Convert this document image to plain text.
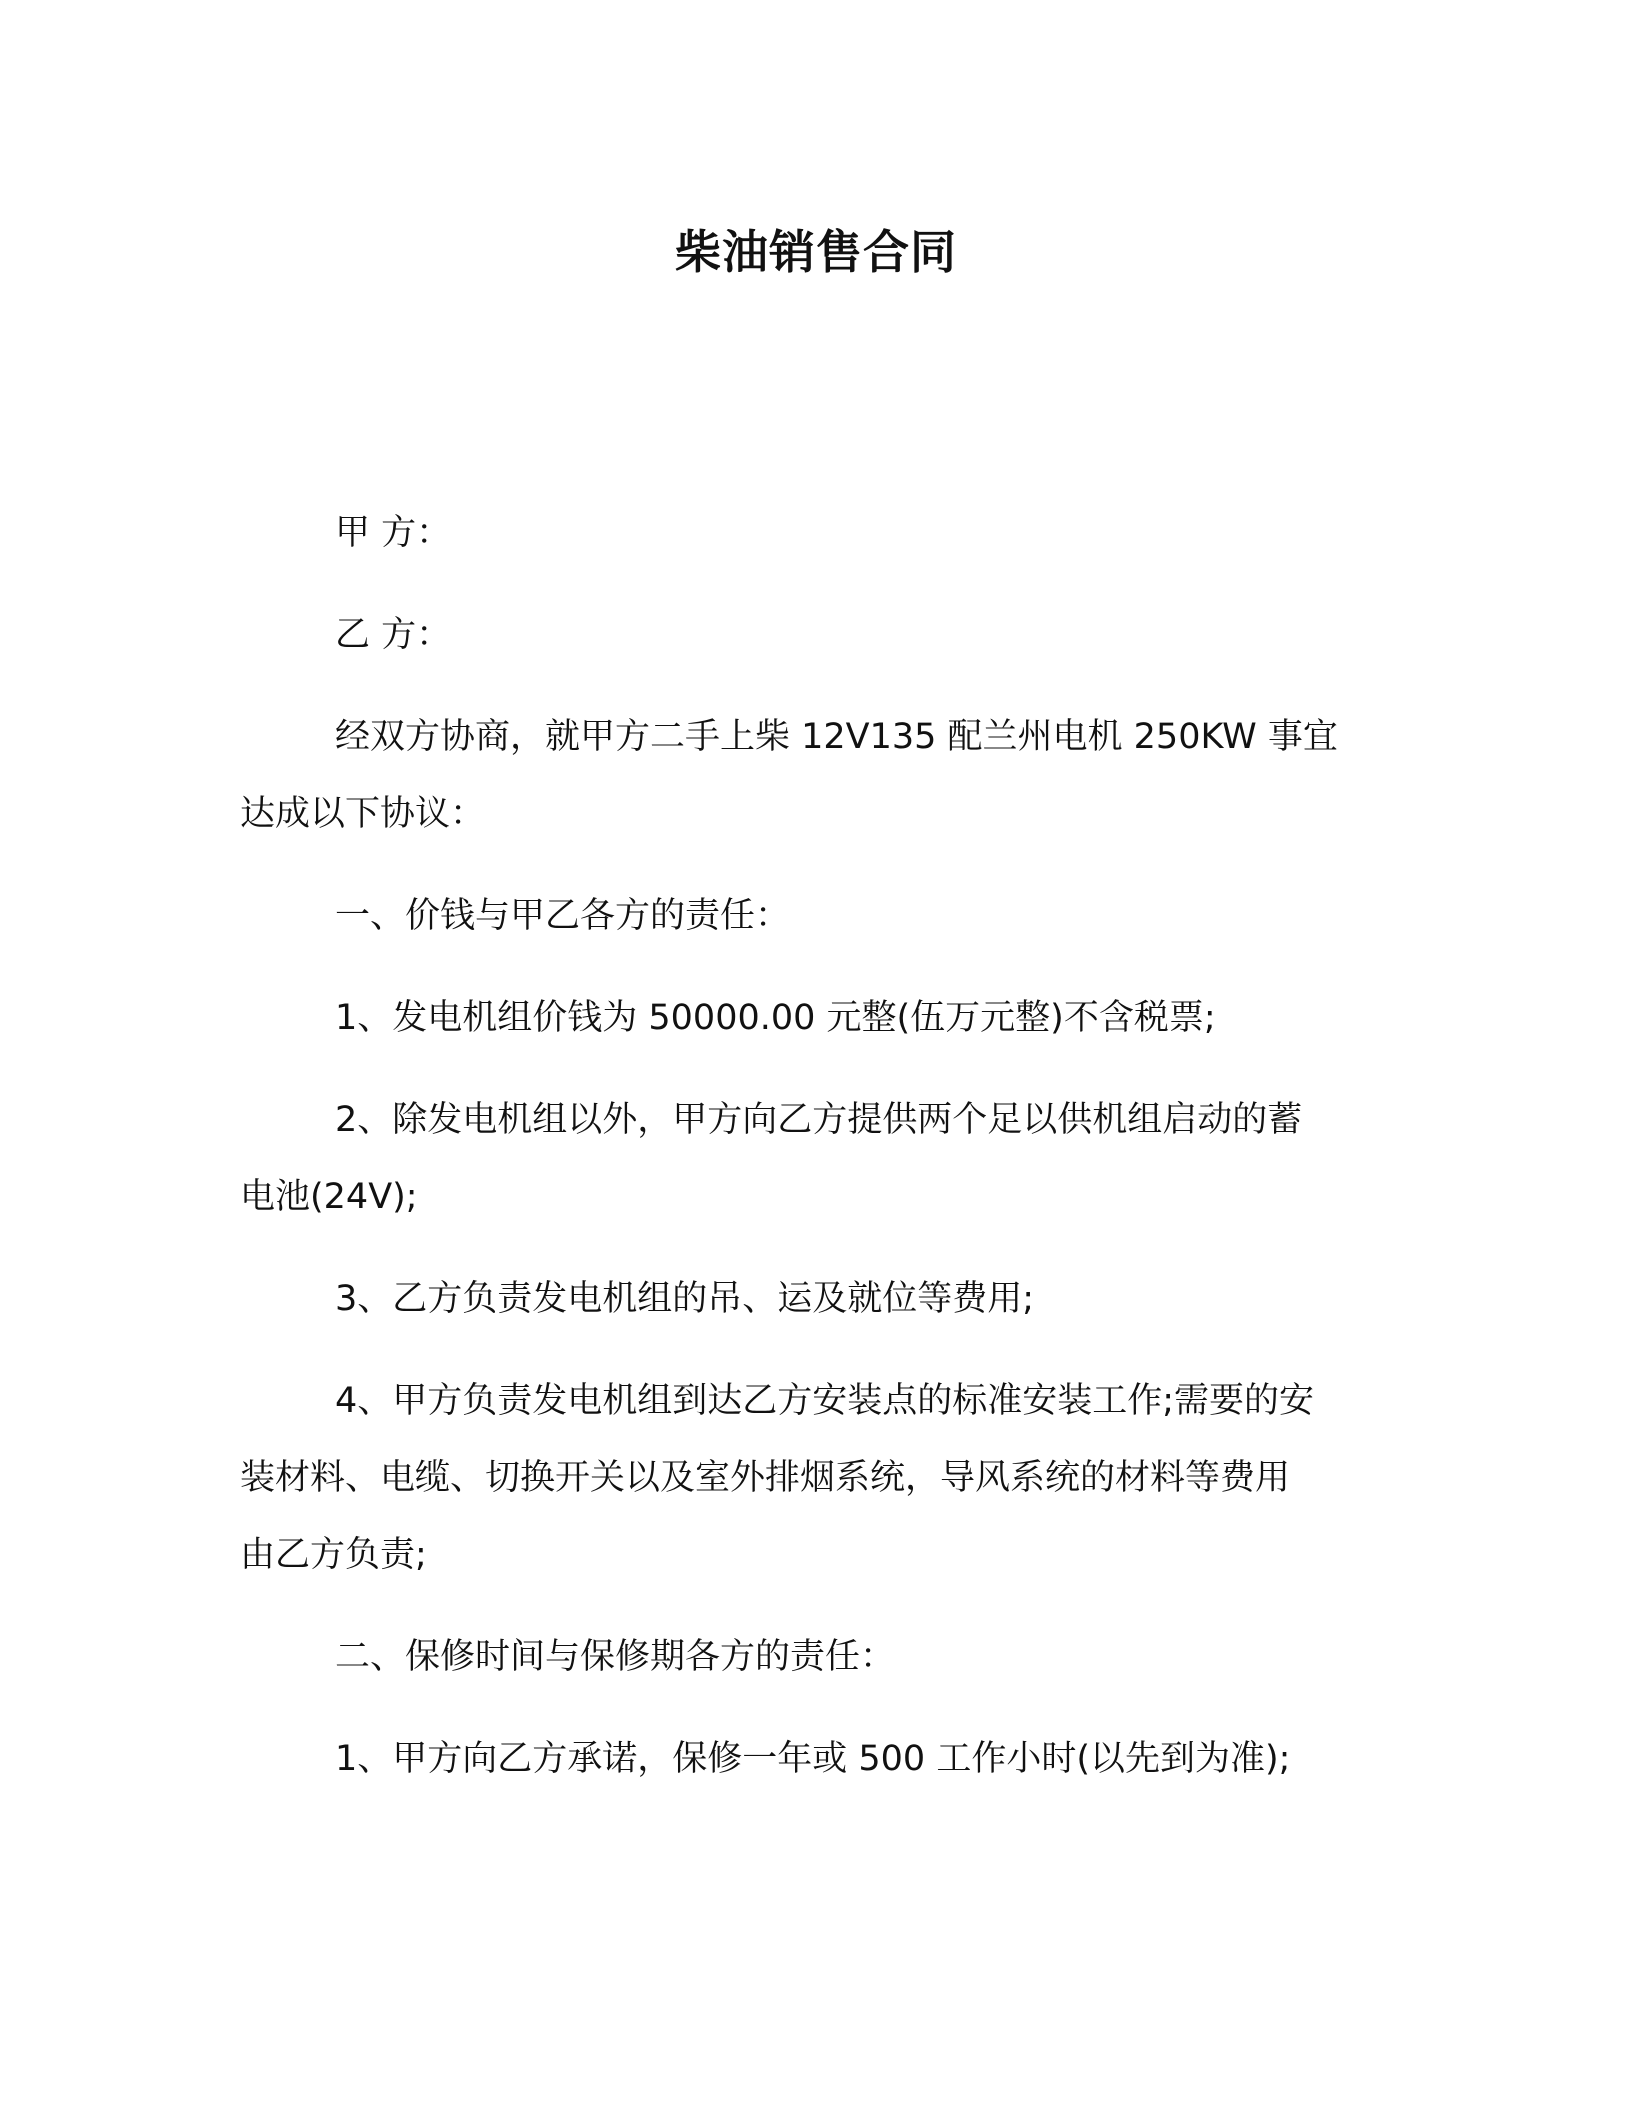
柴油销售合同

甲 方：

乙 方：

经双方协商，就甲方二手上柴 12V135 配兰州电机 250KW 事宜
达成以下协议：

一、价钱与甲乙各方的责任：

1、发电机组价钱为 50000.00 元整(伍万元整)不含税票;

2、除发电机组以外，甲方向乙方提供两个足以供机组启动的蓄
电池(24V);

3、乙方负责发电机组的吊、运及就位等费用;

4、甲方负责发电机组到达乙方安装点的标准安装工作;需要的安
装材料、电缆、切换开关以及室外排烟系统，导风系统的材料等费用
由乙方负责;

二、保修时间与保修期各方的责任：

1、甲方向乙方承诺，保修一年或 500 工作小时(以先到为准);
